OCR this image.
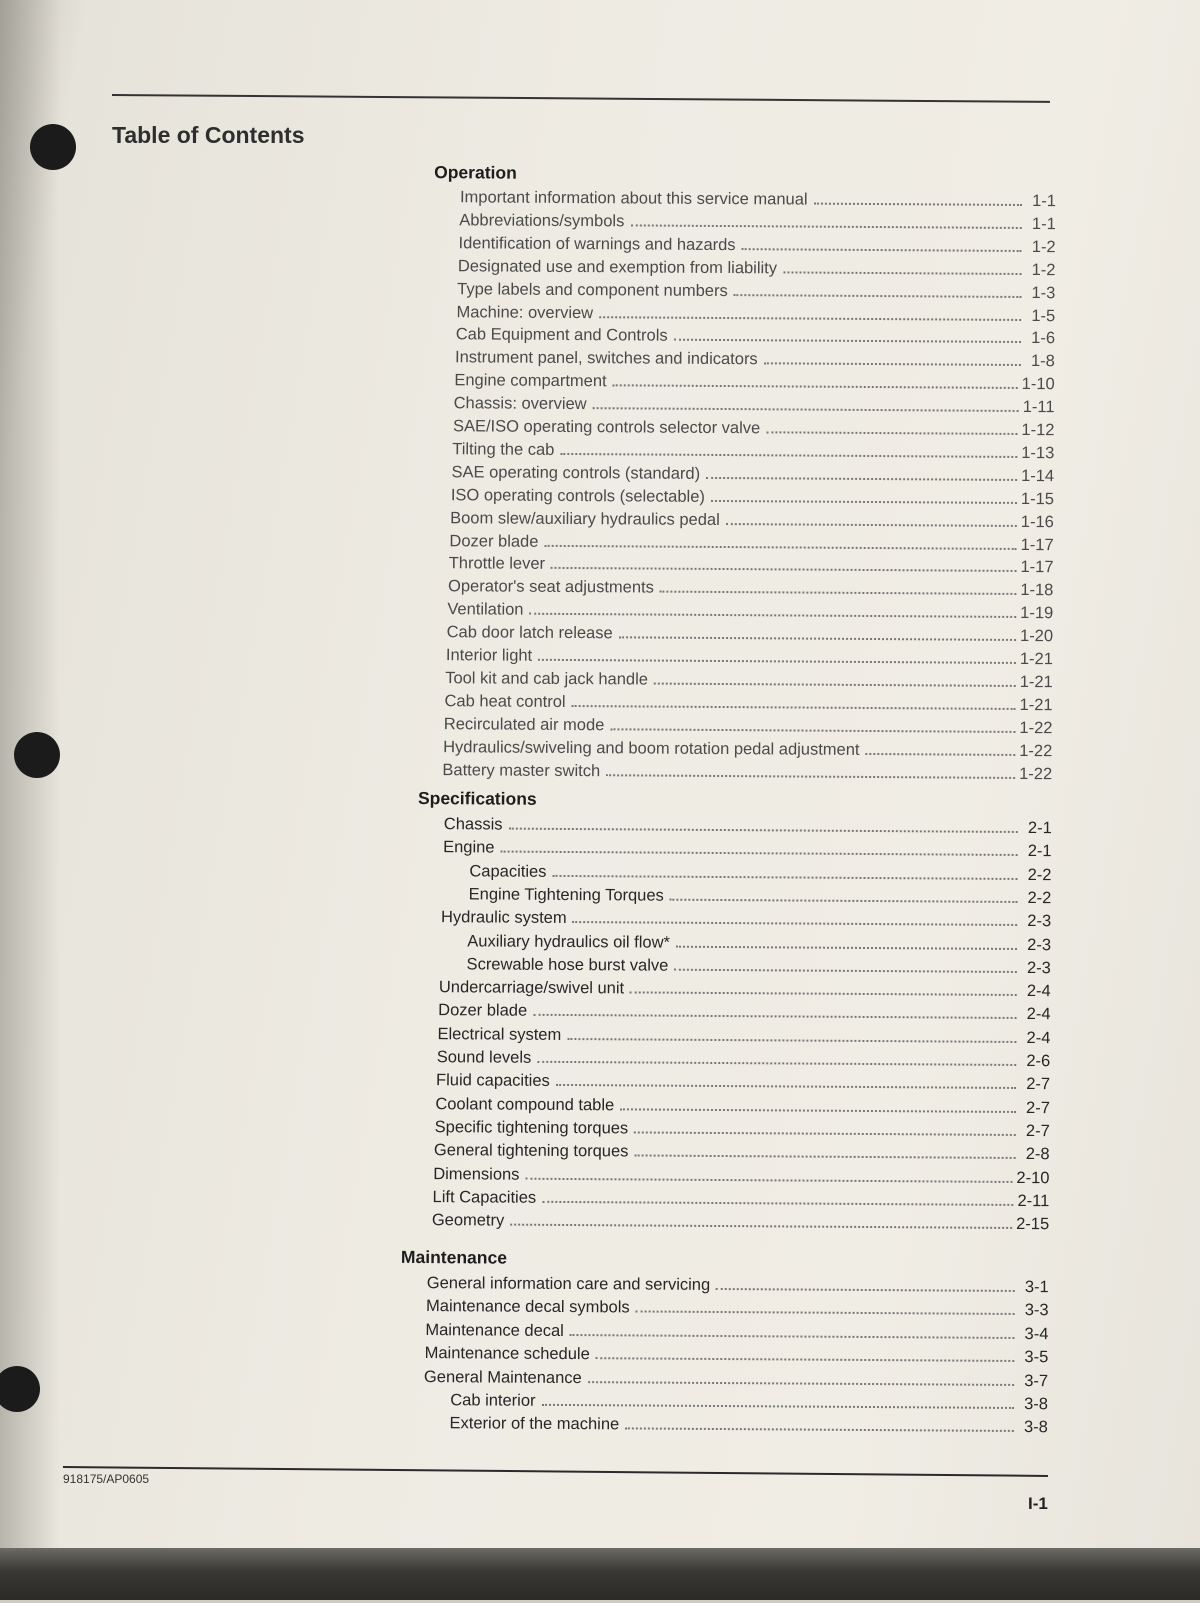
Table of Contents
Operation
Important information about this service manual	1-1
Abbreviations/symbols	1-1
Identification of warnings and hazards	1-2
Designated use and exemption from liability	1-2
Type labels and component numbers	1-3
Machine: overview	1-5
Cab Equipment and Controls	1-6
Instrument panel, switches and indicators	1-8
Engine compartment	1-10
Chassis: overview	1-11
SAE/ISO operating controls selector valve	1-12
Tilting the cab	1-13
SAE operating controls (standard)	1-14
ISO operating controls (selectable)	1-15
Boom slew/auxiliary hydraulics pedal	1-16
Dozer blade	1-17
Throttle lever	1-17
Operator's seat adjustments	1-18
Ventilation	1-19
Cab door latch release	1-20
Interior light	1-21
Tool kit and cab jack handle	1-21
Cab heat control	1-21
Recirculated air mode	1-22
Hydraulics/swiveling and boom rotation pedal adjustment	1-22
Battery master switch	1-22
Specifications
Chassis	2-1
Engine	2-1
Capacities	2-2
Engine Tightening Torques	2-2
Hydraulic system	2-3
Auxiliary hydraulics oil flow*	2-3
Screwable hose burst valve	2-3
Undercarriage/swivel unit	2-4
Dozer blade	2-4
Electrical system	2-4
Sound levels	2-6
Fluid capacities	2-7
Coolant compound table	2-7
Specific tightening torques	2-7
General tightening torques	2-8
Dimensions	2-10
Lift Capacities	2-11
Geometry	2-15
Maintenance
General information care and servicing	3-1
Maintenance decal symbols	3-3
Maintenance decal	3-4
Maintenance schedule	3-5
General Maintenance	3-7
Cab interior	3-8
Exterior of the machine	3-8
918175/AP0605
I-1
